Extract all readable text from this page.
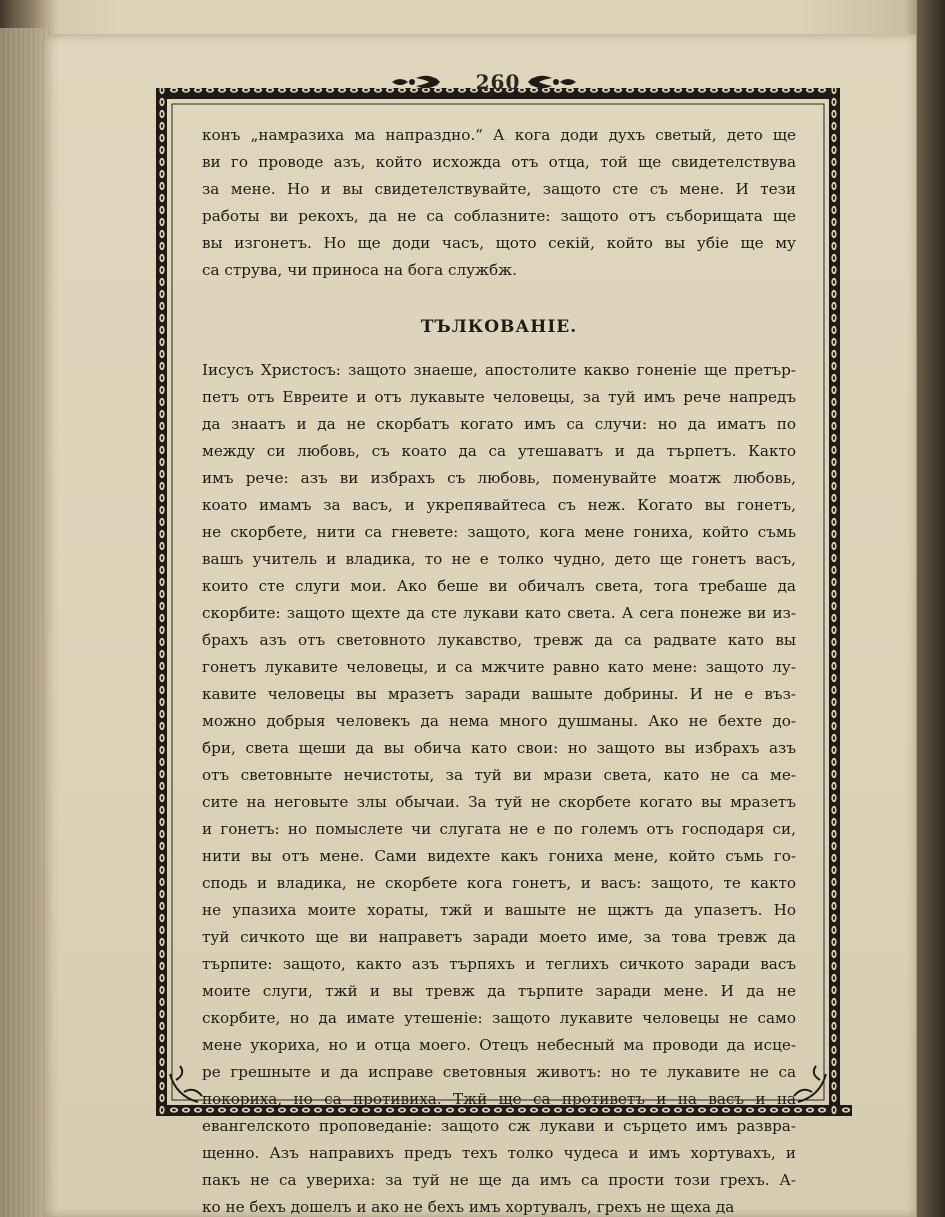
260
конъ „намразиха ма напраздно.“ А кога доди духъ светый, дето ще
ви го проводе азъ, който исхожда отъ отца, той ще свидетелствува
за мене. Но и вы свидетелствувайте, защото сте съ мене. И тези
работы ви рекохъ, да не са соблазните: защото отъ съборищата ще
вы изгонетъ. Но ще доди часъ, щото секій, който вы убіе ще му
са струва, чи приноса на бога службж.
ТЪЛКОВАНІЕ.
Іисусъ Христосъ: защото знаеше, апостолите какво гоненіе ще претър-
петъ отъ Евреите и отъ лукавыте человецы, за туй имъ рече напредъ
да знаатъ и да не скорбатъ когато имъ са случи: но да иматъ по
между си любовь, съ коато да са утешаватъ и да търпетъ. Както
имъ рече: азъ ви избрахъ съ любовь, поменувайте моатж любовь,
коато имамъ за васъ, и укрепявайтеса съ неж. Когато вы гонетъ,
не скорбете, нити са гневете: защото, кога мене гониха, който съмь
вашъ учитель и владика, то не е толко чудно, дето ще гонетъ васъ,
които сте слуги мои. Ако беше ви обичалъ света, тога требаше да
скорбите: защото щехте да сте лукави като света. А сега понеже ви из-
брахъ азъ отъ световното лукавство, тревж да са радвате като вы
гонетъ лукавите человецы, и са мжчите равно като мене: защото лу-
кавите человецы вы мразетъ заради вашыте добрины. И не е въз-
можно добрыя человекъ да нема много душманы. Ако не бехте до-
бри, света щеши да вы обича като свои: но защото вы избрахъ азъ
отъ световныте нечистоты, за туй ви мрази света, като не са ме-
сите на неговыте злы обычаи. За туй не скорбете когато вы мразетъ
и гонетъ: но помыслете чи слугата не е по големъ отъ господаря си,
нити вы отъ мене. Сами видехте какъ гониха мене, който съмь го-
сподь и владика, не скорбете кога гонетъ, и васъ: защото, те както
не упазиха моите хораты, тжй и вашыте не щжтъ да упазетъ. Но
туй сичкото ще ви направетъ заради моето име, за това тревж да
търпите: защото, както азъ търпяхъ и теглихъ сичкото заради васъ
моите слуги, тжй и вы тревж да търпите заради мене. И да не
скорбите, но да имате утешеніе: защото лукавите человецы не само
мене укориха, но и отца моего. Отецъ небесный ма проводи да исце-
ре грешныте и да исправе световныя животъ: но те лукавите не са
покориха, но са противиха. Тжй ще са противетъ и на васъ и на
евангелското проповеданіе: защото сж лукави и сърцето имъ развра-
щенно. Азъ направихъ предъ техъ толко чудеса и имъ хортувахъ, и
пакъ не са увериха: за туй не ще да имъ са прости този грехъ. А-
ко не бехъ дошелъ и ако не бехъ имъ хортувалъ, грехъ не щеха да
